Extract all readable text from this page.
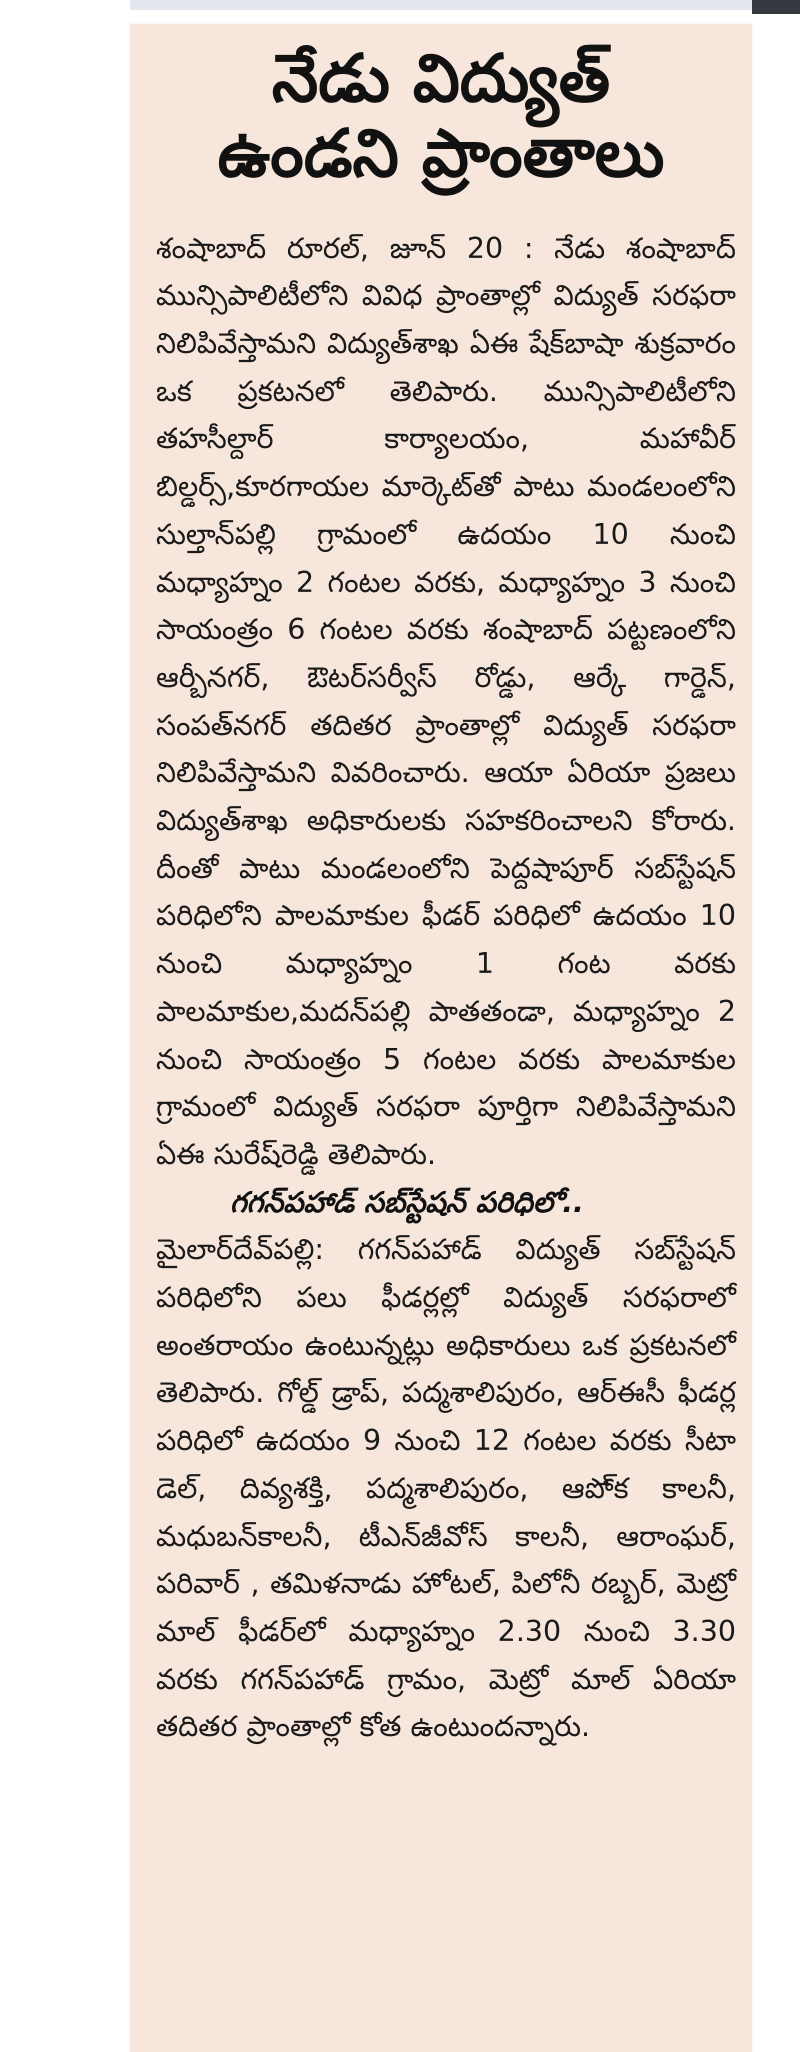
నేడు విద్యుత్
ఉండని ప్రాంతాలు

శంషాబాద్ రూరల్, జూన్ 20 : నేడు శంషాబాద్ మున్సిపాలిటీలోని వివిధ ప్రాంతాల్లో విద్యుత్ సరఫరా నిలిపివేస్తామని విద్యుత్‌శాఖ ఏఈ షేక్‌బాషా శుక్రవారం ఒక ప్రకటనలో తెలిపారు. మున్సిపాలిటీలోని తహసీల్దార్ కార్యాలయం, మహావీర్ బిల్డర్స్,కూరగాయల మార్కెట్‌తో పాటు మండలంలోని సుల్తాన్‌పల్లి గ్రామంలో ఉదయం 10 నుంచి మధ్యాహ్నం 2 గంటల వరకు, మధ్యాహ్నం 3 నుంచి సాయంత్రం 6 గంటల వరకు శంషాబాద్ పట్టణంలోని ఆర్బీనగర్, ఔటర్‌సర్వీస్ రోడ్డు, ఆర్కే గార్డెన్, సంపత్‌నగర్ తదితర ప్రాంతాల్లో విద్యుత్ సరఫరా నిలిపివేస్తామని వివరించారు. ఆయా ఏరియా ప్రజలు విద్యుత్‌శాఖ అధికారులకు సహకరించాలని కోరారు. దీంతో పాటు మండలంలోని పెద్దషాపూర్ సబ్‌స్టేషన్ పరిధిలోని పాలమాకుల ఫీడర్ పరిధిలో ఉదయం 10 నుంచి మధ్యాహ్నం 1 గంట వరకు పాలమాకుల,మదన్‌పల్లి పాతతండా, మధ్యాహ్నం 2 నుంచి సాయంత్రం 5 గంటల వరకు పాలమాకుల గ్రామంలో విద్యుత్ సరఫరా పూర్తిగా నిలిపివేస్తామని ఏఈ సురేష్‌రెడ్డి తెలిపారు.

గగన్‌పహాడ్ సబ్‌స్టేషన్ పరిధిలో..

మైలార్‌దేవ్‌పల్లి: గగన్‌పహాడ్ విద్యుత్ సబ్‌స్టేషన్ పరిధిలోని పలు ఫీడర్లల్లో విద్యుత్ సరఫరాలో అంతరాయం ఉంటున్నట్లు అధికారులు ఒక ప్రకటనలో తెలిపారు. గోల్డ్ డ్రాప్, పద్మశాలిపురం, ఆర్‌ఈసీ ఫీడర్ల పరిధిలో ఉదయం 9 నుంచి 12 గంటల వరకు సీటా డెల్, దివ్యశక్తి, పద్మశాలిపురం, ఆపో్క కాలనీ, మధుబన్‌కాలనీ, టీఎన్‌జీవోస్ కాలనీ, ఆరాంఘర్, పరివార్ , తమిళనాడు హోటల్, పిలోనీ రబ్బర్, మెట్రో మాల్ ఫీడర్‌లో మధ్యాహ్నం 2.30 నుంచి 3.30 వరకు గగన్‌పహాడ్ గ్రామం, మెట్రో మాల్ ఏరియా తదితర ప్రాంతాల్లో కోత ఉంటుందన్నారు.
